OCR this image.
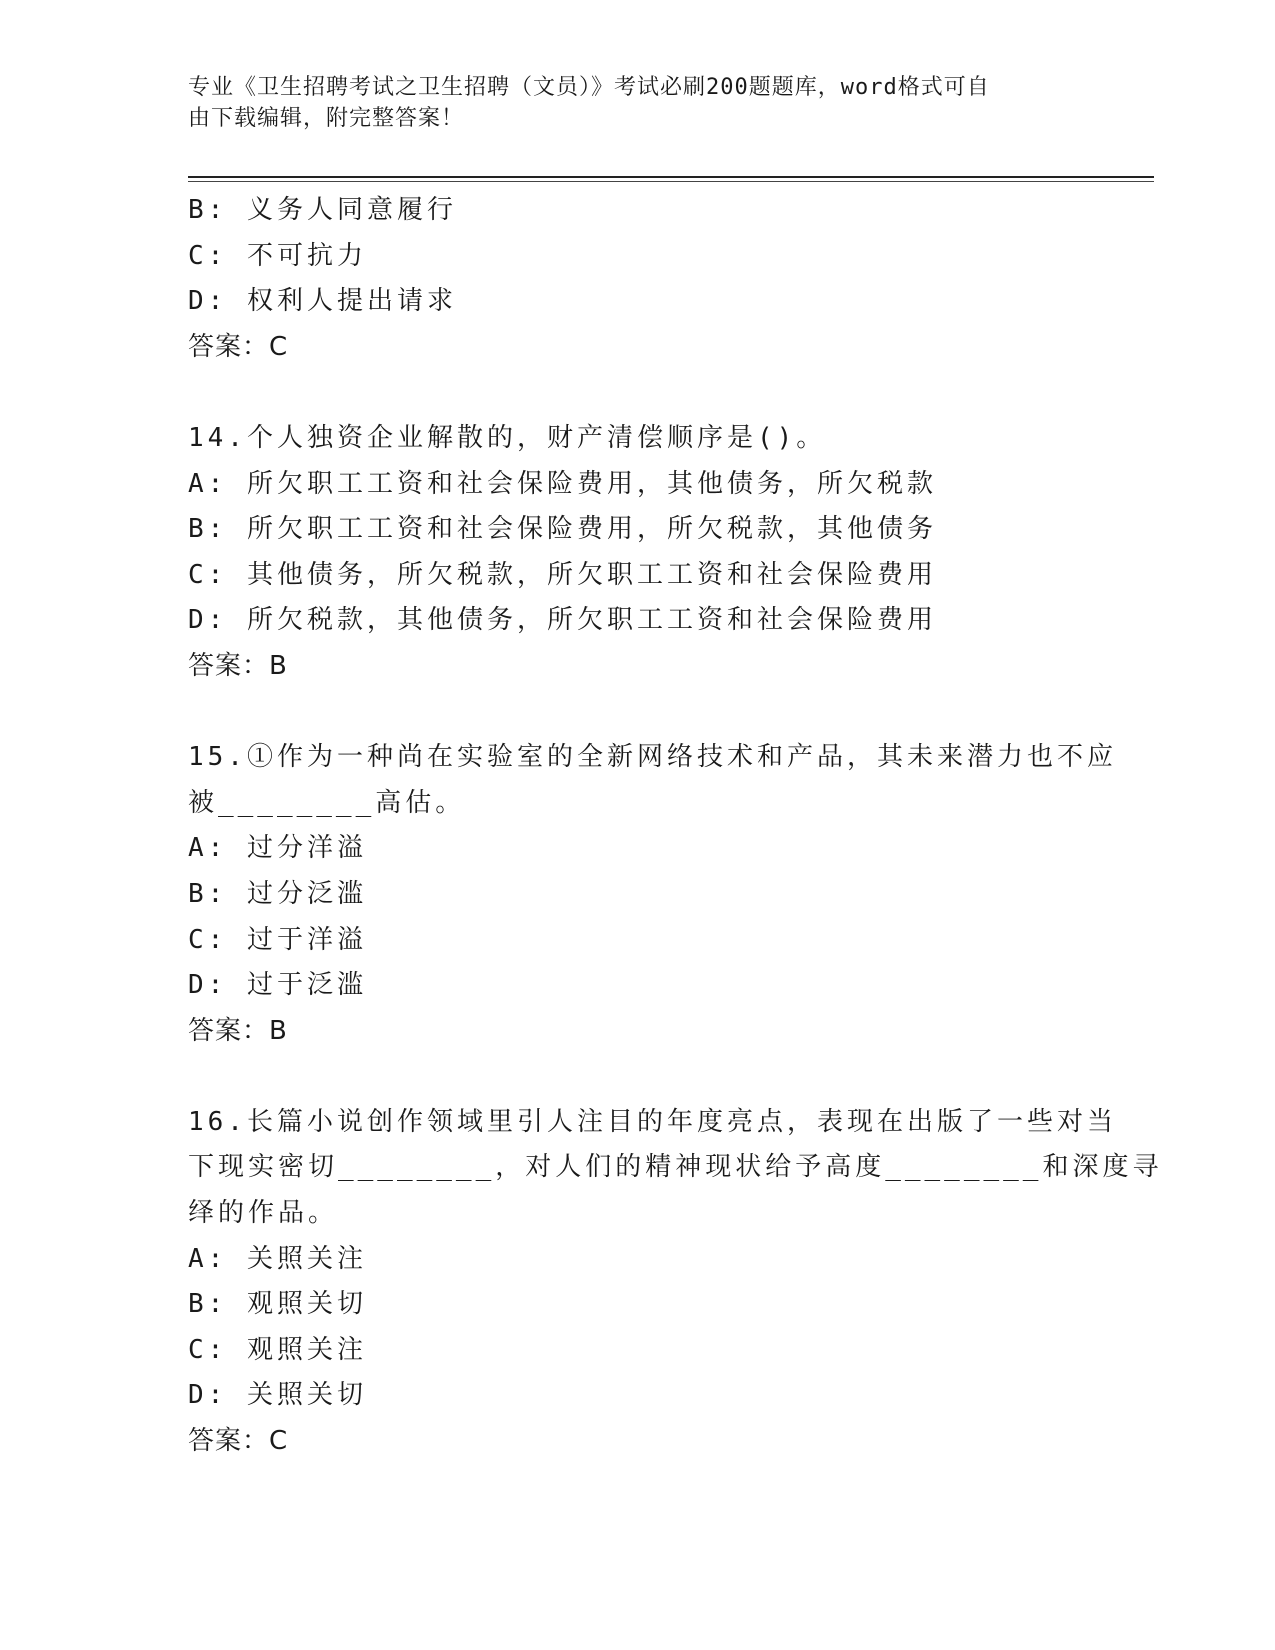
专业《卫生招聘考试之卫生招聘（文员）》考试必刷200题题库，word格式可自
由下载编辑，附完整答案！
B: 义务人同意履行
C: 不可抗力
D: 权利人提出请求
答案：C
14.个人独资企业解散的，财产清偿顺序是()。
A: 所欠职工工资和社会保险费用，其他债务，所欠税款
B: 所欠职工工资和社会保险费用，所欠税款，其他债务
C: 其他债务，所欠税款，所欠职工工资和社会保险费用
D: 所欠税款，其他债务，所欠职工工资和社会保险费用
答案：B
15.①作为一种尚在实验室的全新网络技术和产品，其未来潜力也不应
被________高估。
A: 过分洋溢
B: 过分泛滥
C: 过于洋溢
D: 过于泛滥
答案：B
16.长篇小说创作领域里引人注目的年度亮点，表现在出版了一些对当
下现实密切________，对人们的精神现状给予高度________和深度寻
绎的作品。
A: 关照关注
B: 观照关切
C: 观照关注
D: 关照关切
答案：C
